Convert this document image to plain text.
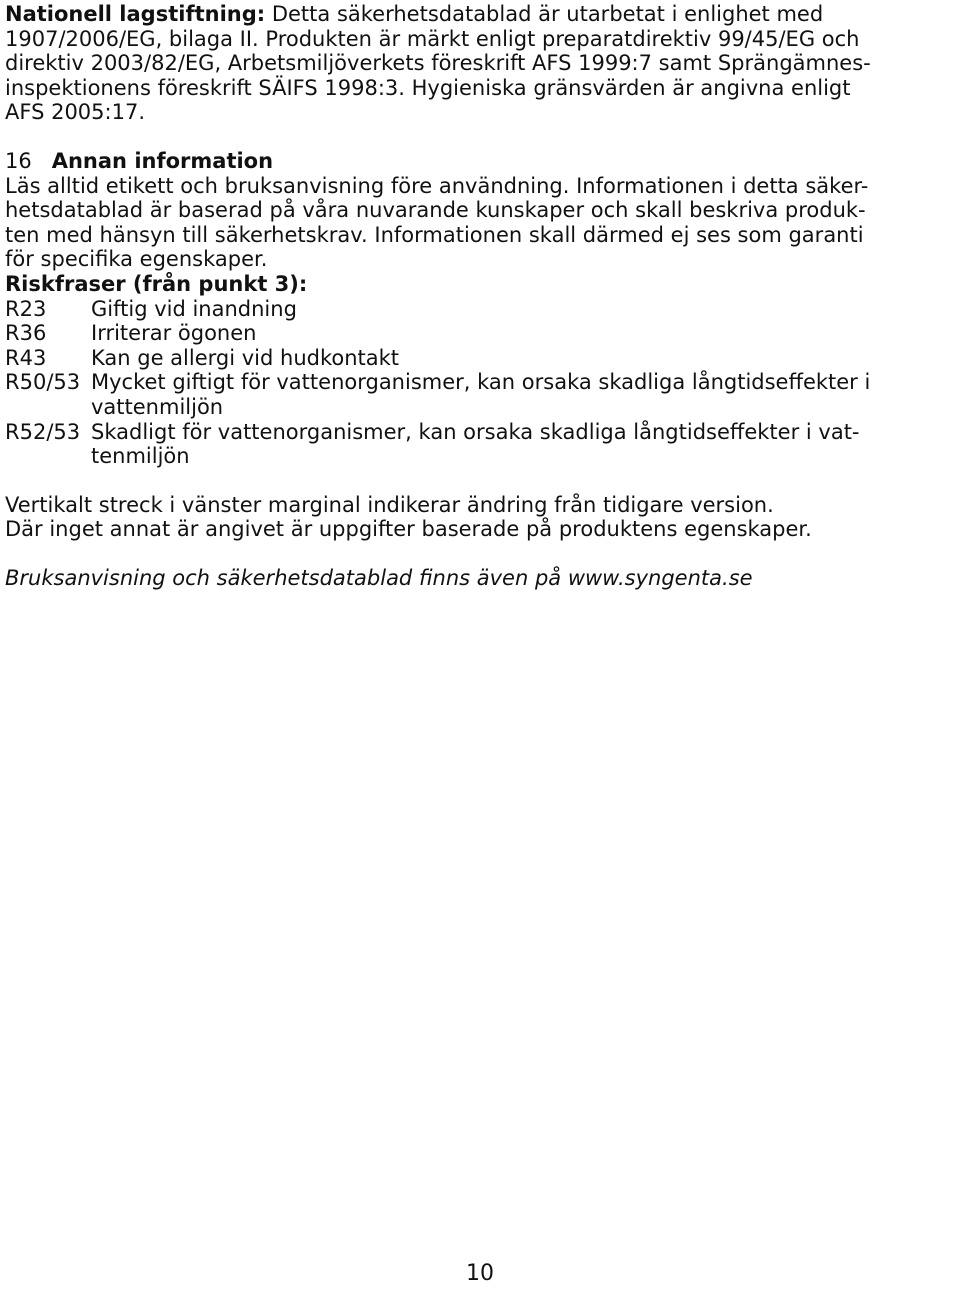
Nationell lagstiftning: Detta säkerhetsdatablad är utarbetat i enlighet med
1907/2006/EG, bilaga II. Produkten är märkt enligt preparatdirektiv 99/45/EG och
direktiv 2003/82/EG, Arbetsmiljöverkets föreskrift AFS 1999:7 samt Sprängämnes-
inspektionens föreskrift SÄIFS 1998:3. Hygieniska gränsvärden är angivna enligt
AFS 2005:17.
16 Annan information
Läs alltid etikett och bruksanvisning före användning. Informationen i detta säker-
hetsdatablad är baserad på våra nuvarande kunskaper och skall beskriva produk-
ten med hänsyn till säkerhetskrav. Informationen skall därmed ej ses som garanti
för specifika egenskaper.
Riskfraser (från punkt 3):
R23	Giftig vid inandning
R36	Irriterar ögonen
R43	Kan ge allergi vid hudkontakt
R50/53 Mycket giftigt för vattenorganismer, kan orsaka skadliga långtidseffekter i
vattenmiljön
R52/53 Skadligt för vattenorganismer, kan orsaka skadliga långtidseffekter i vat-
tenmiljön
Vertikalt streck i vänster marginal indikerar ändring från tidigare version.
Där inget annat är angivet är uppgifter baserade på produktens egenskaper.
Bruksanvisning och säkerhetsdatablad finns även på www.syngenta.se
10
